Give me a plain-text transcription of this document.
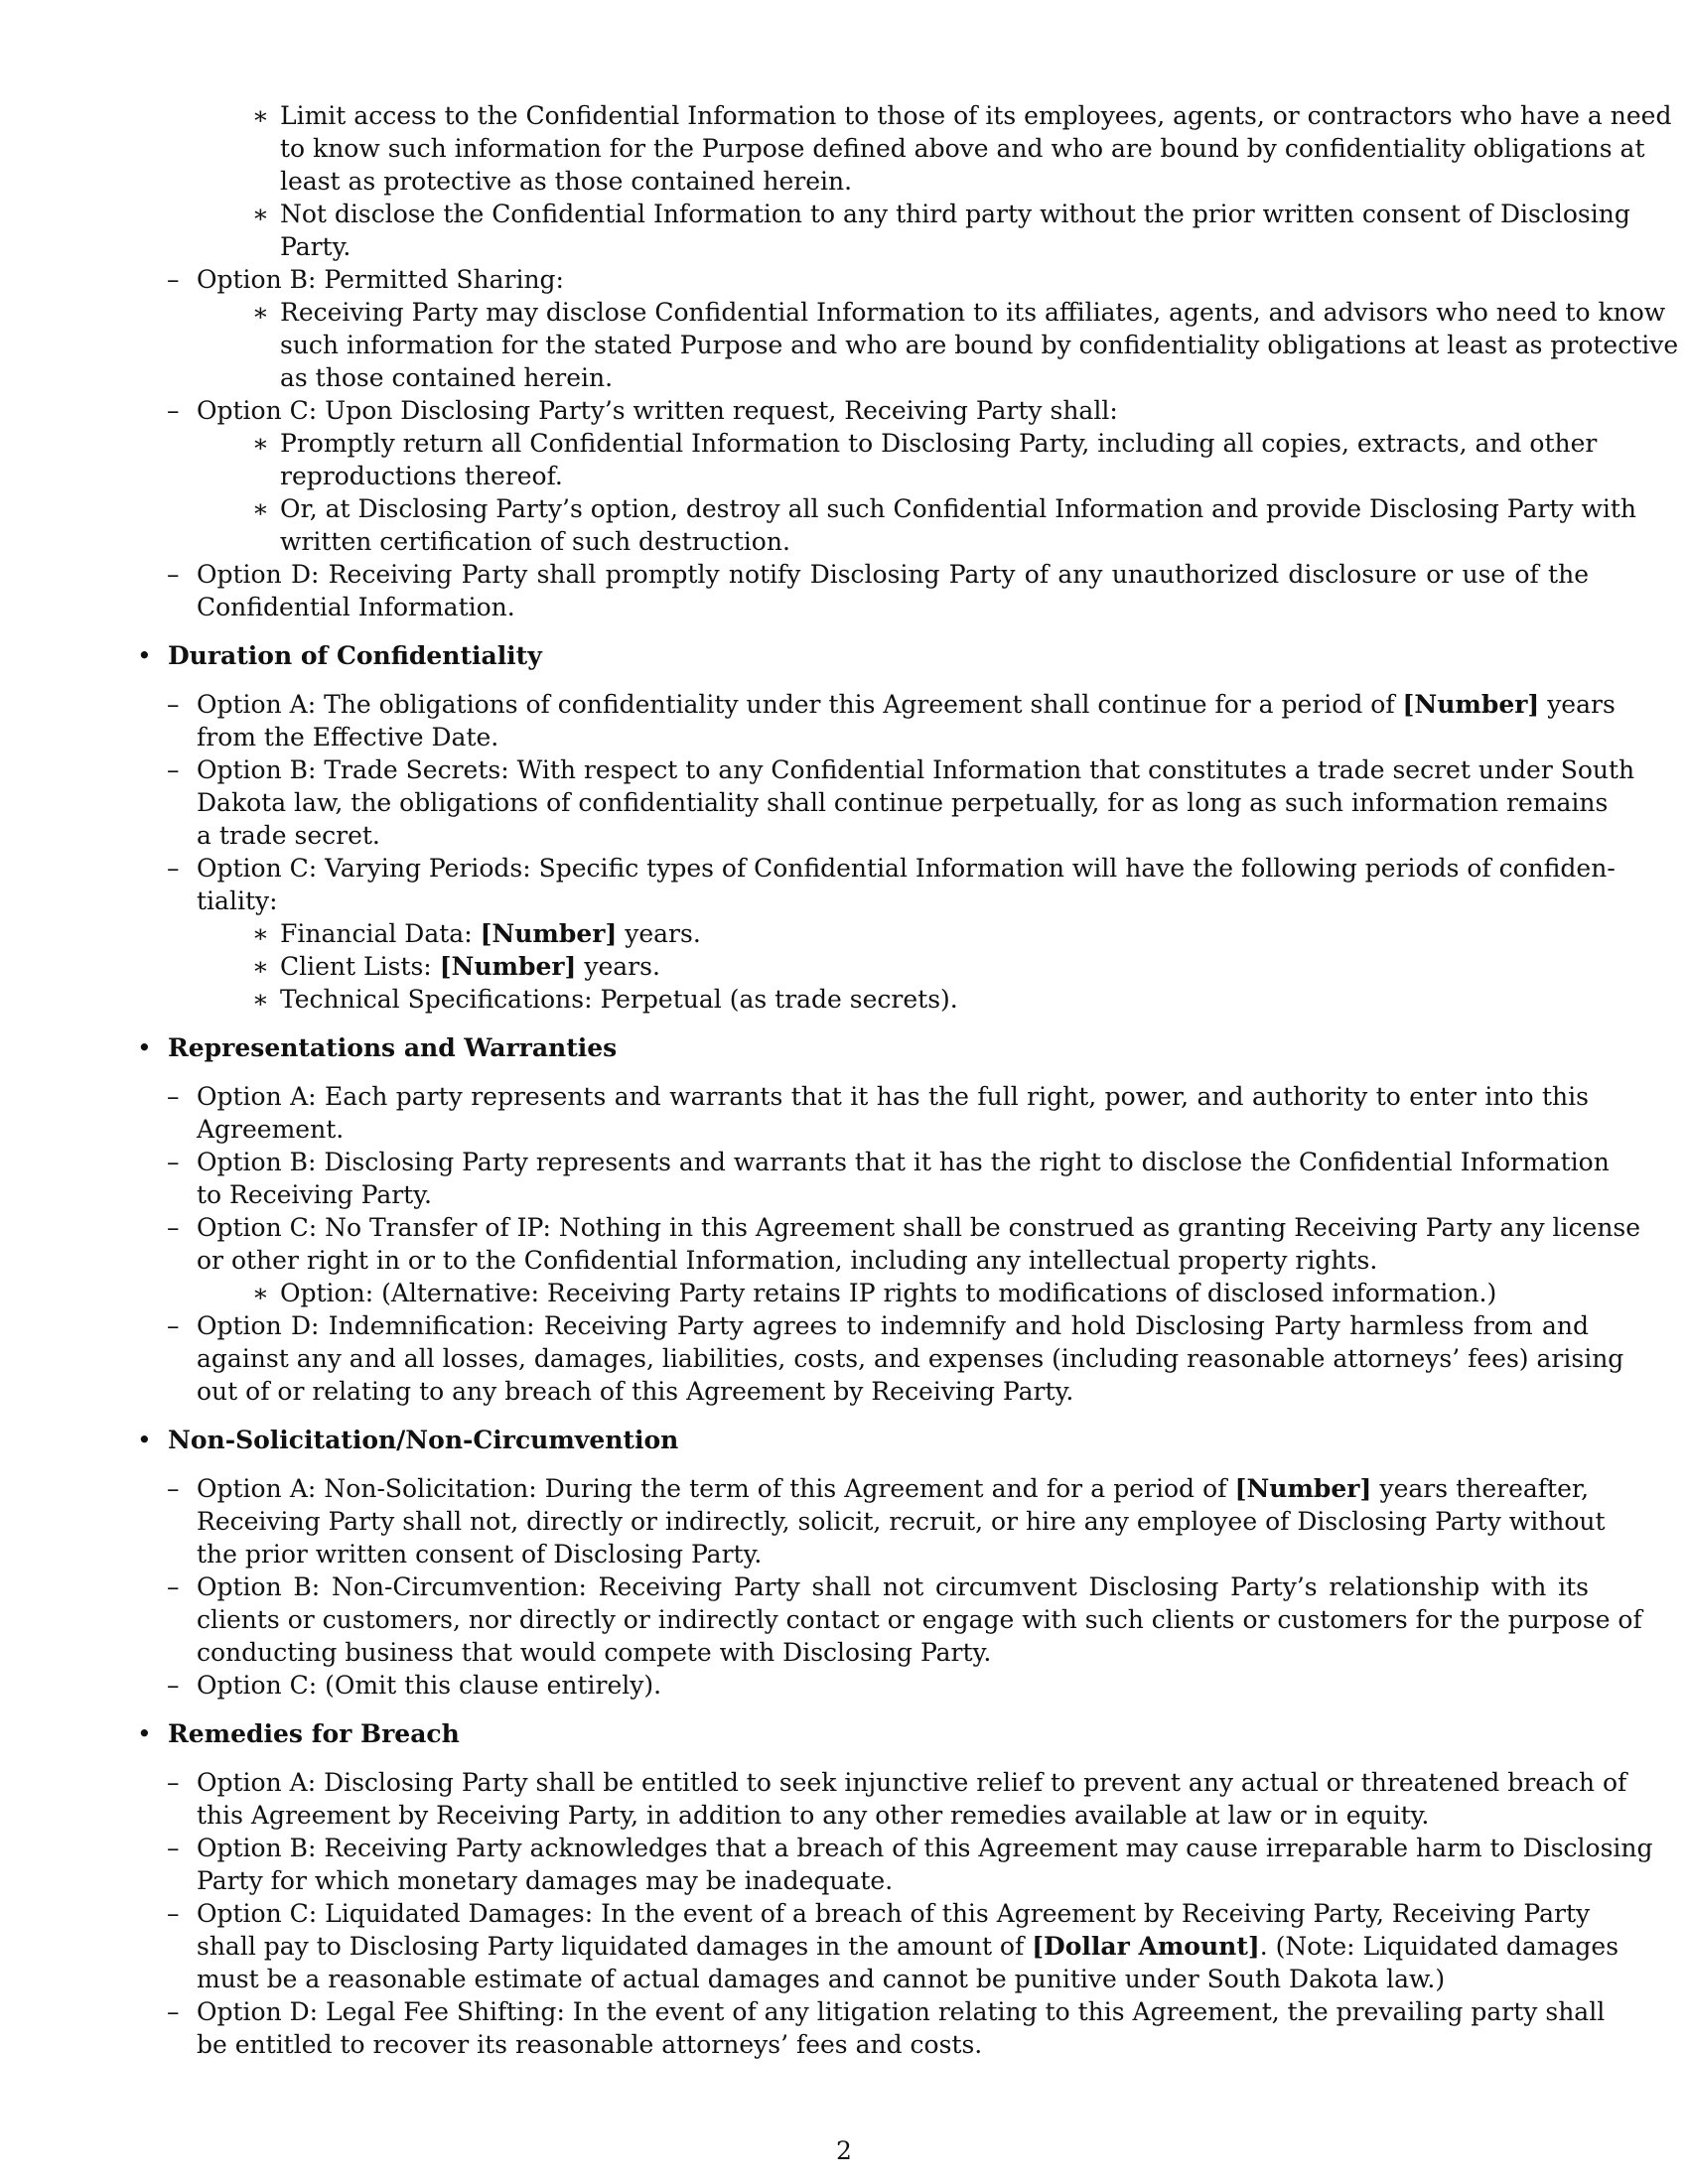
∗ Limit access to the Confidential Information to those of its employees, agents, or contractors who have a need
to know such information for the Purpose defined above and who are bound by confidentiality obligations at
least as protective as those contained herein.
∗ Not disclose the Confidential Information to any third party without the prior written consent of Disclosing
Party.
– Option B: Permitted Sharing:
∗ Receiving Party may disclose Confidential Information to its affiliates, agents, and advisors who need to know
such information for the stated Purpose and who are bound by confidentiality obligations at least as protective
as those contained herein.
– Option C: Upon Disclosing Party’s written request, Receiving Party shall:
∗ Promptly return all Confidential Information to Disclosing Party, including all copies, extracts, and other
reproductions thereof.
∗ Or, at Disclosing Party’s option, destroy all such Confidential Information and provide Disclosing Party with
written certification of such destruction.
– Option D: Receiving Party shall promptly notify Disclosing Party of any unauthorized disclosure or use of the
Confidential Information.
• Duration of Confidentiality
– Option A: The obligations of confidentiality under this Agreement shall continue for a period of [Number] years
from the Effective Date.
– Option B: Trade Secrets: With respect to any Confidential Information that constitutes a trade secret under South
Dakota law, the obligations of confidentiality shall continue perpetually, for as long as such information remains
a trade secret.
– Option C: Varying Periods: Specific types of Confidential Information will have the following periods of confiden-
tiality:
∗ Financial Data: [Number] years.
∗ Client Lists: [Number] years.
∗ Technical Specifications: Perpetual (as trade secrets).
• Representations and Warranties
– Option A: Each party represents and warrants that it has the full right, power, and authority to enter into this
Agreement.
– Option B: Disclosing Party represents and warrants that it has the right to disclose the Confidential Information
to Receiving Party.
– Option C: No Transfer of IP: Nothing in this Agreement shall be construed as granting Receiving Party any license
or other right in or to the Confidential Information, including any intellectual property rights.
∗ Option: (Alternative: Receiving Party retains IP rights to modifications of disclosed information.)
– Option D: Indemnification: Receiving Party agrees to indemnify and hold Disclosing Party harmless from and
against any and all losses, damages, liabilities, costs, and expenses (including reasonable attorneys’ fees) arising
out of or relating to any breach of this Agreement by Receiving Party.
• Non-Solicitation/Non-Circumvention
– Option A: Non-Solicitation: During the term of this Agreement and for a period of [Number] years thereafter,
Receiving Party shall not, directly or indirectly, solicit, recruit, or hire any employee of Disclosing Party without
the prior written consent of Disclosing Party.
– Option B: Non-Circumvention: Receiving Party shall not circumvent Disclosing Party’s relationship with its
clients or customers, nor directly or indirectly contact or engage with such clients or customers for the purpose of
conducting business that would compete with Disclosing Party.
– Option C: (Omit this clause entirely).
• Remedies for Breach
– Option A: Disclosing Party shall be entitled to seek injunctive relief to prevent any actual or threatened breach of
this Agreement by Receiving Party, in addition to any other remedies available at law or in equity.
– Option B: Receiving Party acknowledges that a breach of this Agreement may cause irreparable harm to Disclosing
Party for which monetary damages may be inadequate.
– Option C: Liquidated Damages: In the event of a breach of this Agreement by Receiving Party, Receiving Party
shall pay to Disclosing Party liquidated damages in the amount of [Dollar Amount]. (Note: Liquidated damages
must be a reasonable estimate of actual damages and cannot be punitive under South Dakota law.)
– Option D: Legal Fee Shifting: In the event of any litigation relating to this Agreement, the prevailing party shall
be entitled to recover its reasonable attorneys’ fees and costs.
2
